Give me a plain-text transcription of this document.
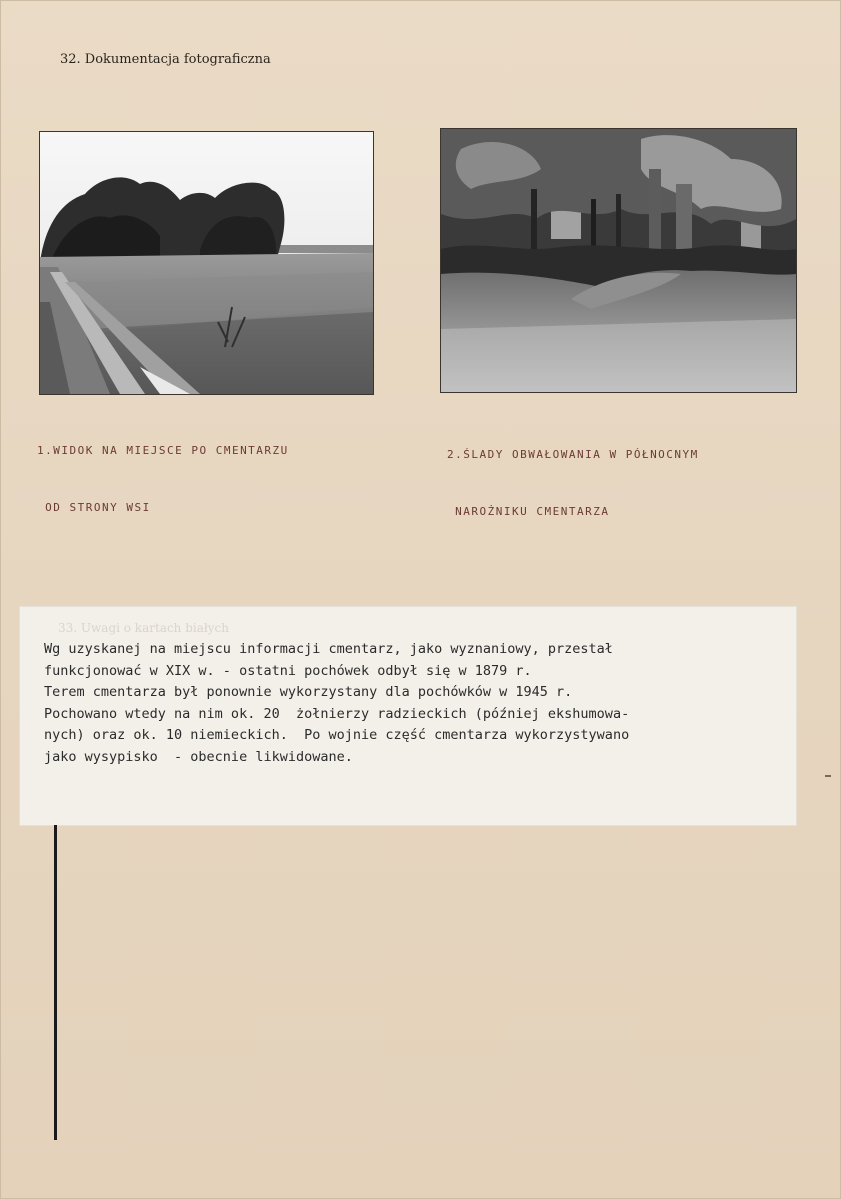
32. Dokumentacja fotograficzna

1.WIDOK NA MIEJSCE PO CMENTARZU

OD STRONY WSI

2.ŚLADY OBWAŁOWANIA W PÓŁNOCNYM

NAROŻNIKU CMENTARZA

33. Uwagi o kartach białych
Wg uzyskanej na miejscu informacji cmentarz, jako wyznaniowy, przestał
funkcjonować w XIX w. - ostatni pochówek odbył się w 1879 r.
Terem cmentarza był ponownie wykorzystany dla pochówków w 1945 r.
Pochowano wtedy na nim ok. 20  żołnierzy radzieckich (później ekshumowa-
nych) oraz ok. 10 niemieckich.  Po wojnie część cmentarza wykorzystywano
jako wysypisko  - obecnie likwidowane.
